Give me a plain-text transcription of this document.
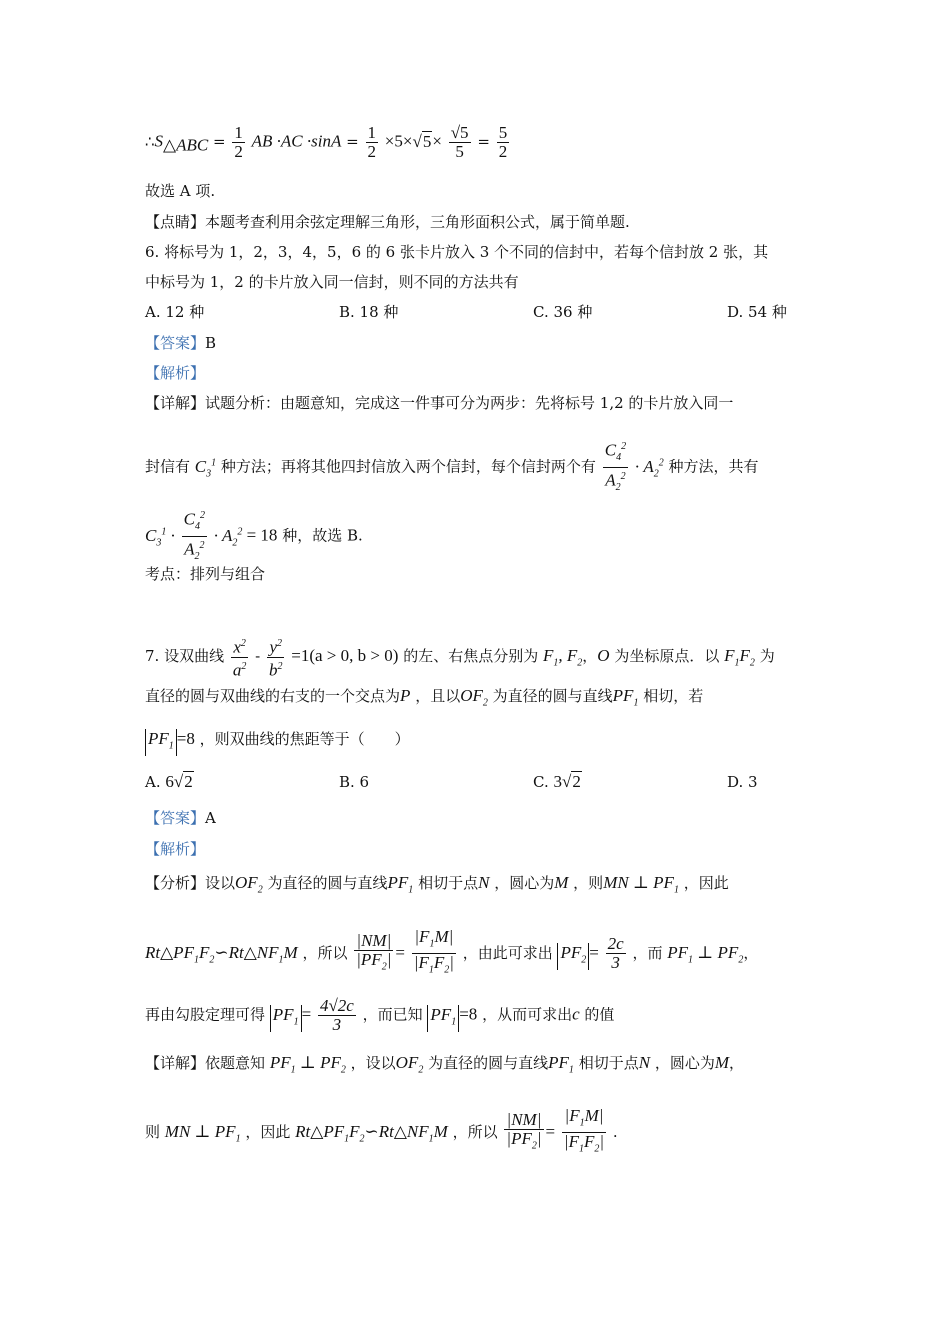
$\therefore S_{\triangle ABC} = \frac{1}{2}$ AB $\cdot AC \cdot\sin A = \frac{1}{2} \times 5\times√5\times \frac{√5}{5} = \frac{5}{2}$
故选 A 项.
【点睛】本题考查利用余弦定理解三角形，三角形面积公式，属于简单题.
6. 将标号为 1，2，3，4，5，6 的 6 张卡片放入 3 个不同的信封中，若每个信封放 2 张，其
中标号为 1，2 的卡片放入同一信封，则不同的方法共有
A. 12 种	B. 18 种	C. 36 种	D. 54 种
【答案】B
【解析】
【详解】试题分析：由题意知，完成这一件事可分为两步：先将标号 1,2 的卡片放入同一
封信有 $C_3^1$ 种方法；再将其他四封信放入两个信封，每个信封两个有 $\frac{C_4^2}{A_2^2} \cdot A_2^2$ 种方法，共有
$C_3^1 \cdot \frac{C_4^2}{A_2^2} \cdot A_2^2 = 18$ 种，故选 B.
考点：排列与组合
7. 设双曲线 $\frac{x^2}{a^2} - \frac{y^2}{b^2} =1(a > 0$, b > 0) 的左、右焦点分别为 $F_1$, $F_2$，O 为坐标原点．以 $F_1F_2$ 为
直径的圆与双曲线的右支的一个交点为P ，且以$OF_2$ 为直径的圆与直线$PF_1$ 相切，若
$PF_1 =8$ ，则双曲线的焦距等于（　　）
A. 6√2	B. 6	C. 3√2	D. 3
【答案】A
【解析】
【分析】设以$OF_2$ 为直径的圆与直线$PF_1$ 相切于点N ，圆心为M ，则MN ⊥ $PF_1$ ，因此
$Rt\triangle PF_1F_2∽Rt\triangle NF_1M$ ，所以 $\frac{|NM|}{|PF_2|} = \frac{|F_1M|}{|F_1F_2|}$ ，由此可求出 $PF_2 = \frac{2c}{3}$ ，而 $PF_1$ ⊥ $PF_2$，
再由勾股定理可得 $PF_1 = \frac{4√2c}{3}$ ，而已知 $PF_1 =8$ ，从而可求出c 的值
【详解】依题意知 $PF_1$ ⊥ $PF_2$ ，设以$OF_2$ 为直径的圆与直线$PF_1$ 相切于点N ，圆心为M，
则 MN ⊥ $PF_1$ ，因此 $Rt\triangle PF_1F_2∽Rt\triangle NF_1M$ ，所以 $\frac{|NM|}{|PF_2|} = \frac{|F_1M|}{|F_1F_2|}$ .
